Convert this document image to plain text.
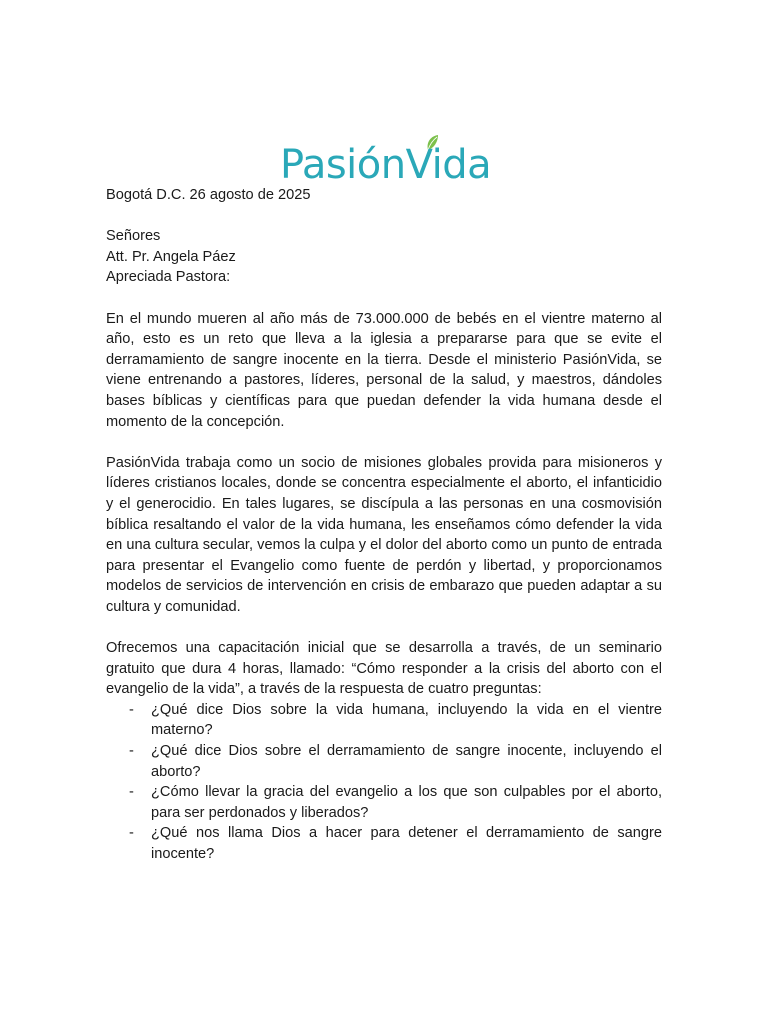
PasiónVida

Bogotá D.C. 26 agosto de 2025

Señores

Att. Pr. Angela Páez

Apreciada Pastora:

En el mundo mueren al año más de 73.000.000 de bebés en el vientre materno al año, esto es un reto que lleva a la iglesia a prepararse para que se evite el derramamiento de sangre inocente en la tierra. Desde el ministerio PasiónVida, se viene entrenando a pastores, líderes, personal de la salud, y maestros, dándoles bases bíblicas y científicas para que puedan defender la vida humana desde el momento de la concepción.

PasiónVida trabaja como un socio de misiones globales provida para misioneros y líderes cristianos locales, donde se concentra especialmente el aborto, el infanticidio y el generocidio. En tales lugares, se discípula a las personas en una cosmovisión bíblica resaltando el valor de la vida humana, les enseñamos cómo defender la vida en una cultura secular, vemos la culpa y el dolor del aborto como un punto de entrada para presentar el Evangelio como fuente de perdón y libertad, y proporcionamos modelos de servicios de intervención en crisis de embarazo que pueden adaptar a su cultura y comunidad.

Ofrecemos una capacitación inicial que se desarrolla a través, de un seminario gratuito que dura 4 horas, llamado: “Cómo responder a la crisis del aborto con el evangelio de la vida”, a través de la respuesta de cuatro preguntas:

- ¿Qué dice Dios sobre la vida humana, incluyendo la vida en el vientre materno?
- ¿Qué dice Dios sobre el derramamiento de sangre inocente, incluyendo el aborto?
- ¿Cómo llevar la gracia del evangelio a los que son culpables por el aborto, para ser perdonados y liberados?
- ¿Qué nos llama Dios a hacer para detener el derramamiento de sangre inocente?
